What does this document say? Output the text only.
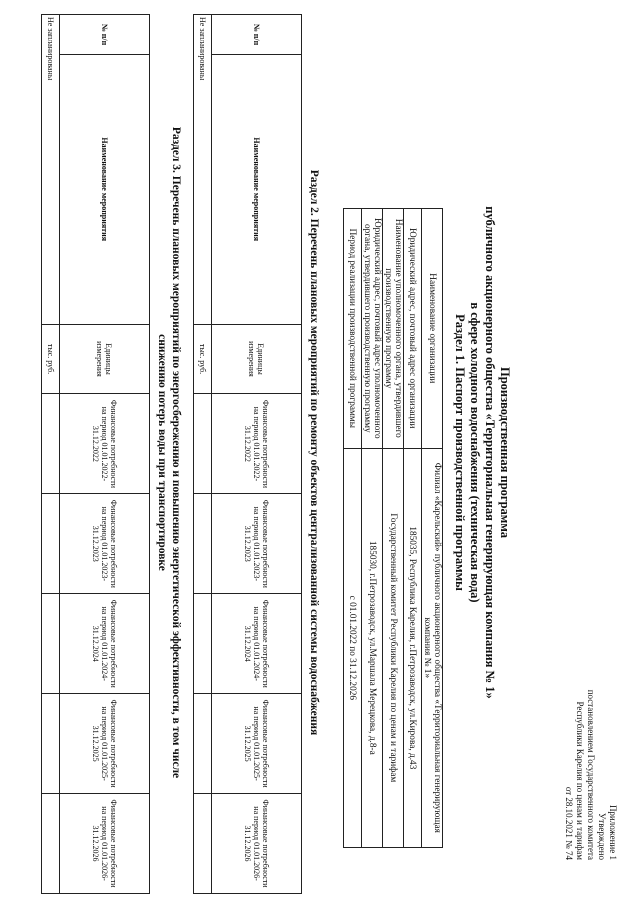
Приложение 1
Утверждено
постановлением Государственного комитета
Республики Карелия по ценам и тарифам
от 28.10.2021 № 74
Производственная программа
публичного акционерного общества «Территориальная генерирующая компания № 1»
в сфере холодного водоснабжения (техническая вода)
Раздел 1. Паспорт производственной программы
Наименование организации	Филиал «Карельский» публичного акционерного общества «Территориальная генерирующая компания № 1»
Юридический адрес, почтовый адрес организации	185035, Республика Карелия, г.Петрозаводск, ул.Кирова, д.43
Наименование уполномоченного органа, утвердившего производственную программу	Государственный комитет Республики Карелия по ценам и тарифам
Юридический адрес, почтовый адрес уполномоченного органа, утвердившего производственную программу	185030, г.Петрозаводск, ул.Маршала Мерецкова, д.8-а
Период реализации производственной программы	с 01.01.2022 по 31.12.2026
Раздел 2. Перечень плановых мероприятий по ремонту объектов централизованной системы водоснабжения
№ п/п	Наименование мероприятия	Единицы измерения	Финансовые потребности на период 01.01.2022-31.12.2022	Финансовые потребности на период 01.01.2023-31.12.2023	Финансовые потребности на период 01.01.2024-31.12.2024	Финансовые потребности на период 01.01.2025-31.12.2025	Финансовые потребности на период 01.01.2026-31.12.2026
Не запланированы		тыс. руб.					
Раздел 3. Перечень плановых мероприятий по энергосбережению и повышению энергетической эффективности, в том числе
снижению потерь воды при транспортировке
№ п/п	Наименование мероприятия	Единицы измерения	Финансовые потребности на период 01.01.2022-31.12.2022	Финансовые потребности на период 01.01.2023-31.12.2023	Финансовые потребности на период 01.01.2024-31.12.2024	Финансовые потребности на период 01.01.2025-31.12.2025	Финансовые потребности на период 01.01.2026-31.12.2026
Не запланированы		тыс. руб.					
